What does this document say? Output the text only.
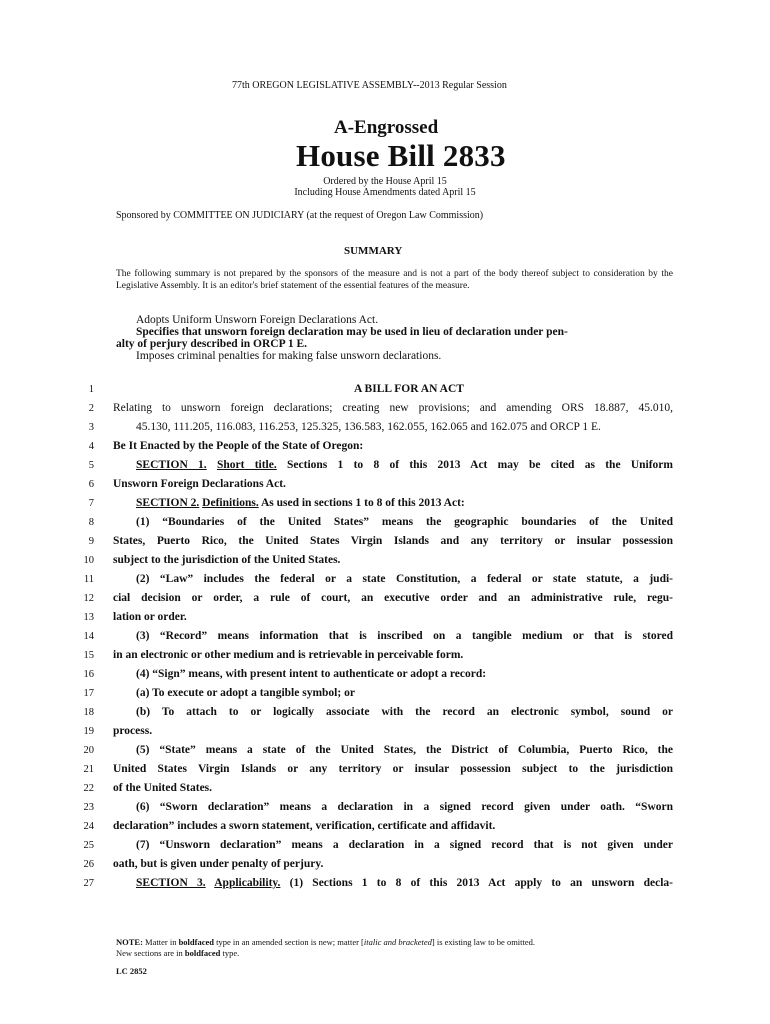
77th OREGON LEGISLATIVE ASSEMBLY--2013 Regular Session
A-Engrossed
House Bill 2833
Ordered by the House April 15
Including House Amendments dated April 15
Sponsored by COMMITTEE ON JUDICIARY (at the request of Oregon Law Commission)
SUMMARY
The following summary is not prepared by the sponsors of the measure and is not a part of the body thereof subject to consideration by the Legislative Assembly. It is an editor's brief statement of the essential features of the measure.
Adopts Uniform Unsworn Foreign Declarations Act.
Specifies that unsworn foreign declaration may be used in lieu of declaration under pen-
alty of perjury described in ORCP 1 E.
Imposes criminal penalties for making false unsworn declarations.
1	A BILL FOR AN ACT
2 Relating to unsworn foreign declarations; creating new provisions; and amending ORS 18.887, 45.010,
3	45.130, 111.205, 116.083, 116.253, 125.325, 136.583, 162.055, 162.065 and 162.075 and ORCP 1 E.
4 Be It Enacted by the People of the State of Oregon:
5	SECTION 1. Short title. Sections 1 to 8 of this 2013 Act may be cited as the Uniform
6 Unsworn Foreign Declarations Act.
7	SECTION 2. Definitions. As used in sections 1 to 8 of this 2013 Act:
8	(1) “Boundaries of the United States” means the geographic boundaries of the United
9 States, Puerto Rico, the United States Virgin Islands and any territory or insular possession
10 subject to the jurisdiction of the United States.
11	(2) “Law” includes the federal or a state Constitution, a federal or state statute, a judi-
12 cial decision or order, a rule of court, an executive order and an administrative rule, regu-
13 lation or order.
14	(3) “Record” means information that is inscribed on a tangible medium or that is stored
15 in an electronic or other medium and is retrievable in perceivable form.
16	(4) “Sign” means, with present intent to authenticate or adopt a record:
17	(a) To execute or adopt a tangible symbol; or
18	(b) To attach to or logically associate with the record an electronic symbol, sound or
19 process.
20	(5) “State” means a state of the United States, the District of Columbia, Puerto Rico, the
21 United States Virgin Islands or any territory or insular possession subject to the jurisdiction
22 of the United States.
23	(6) “Sworn declaration” means a declaration in a signed record given under oath. “Sworn
24 declaration” includes a sworn statement, verification, certificate and affidavit.
25	(7) “Unsworn declaration” means a declaration in a signed record that is not given under
26 oath, but is given under penalty of perjury.
27	SECTION 3. Applicability. (1) Sections 1 to 8 of this 2013 Act apply to an unsworn decla-
NOTE: Matter in boldfaced type in an amended section is new; matter [italic and bracketed] is existing law to be omitted.
New sections are in boldfaced type.
LC 2852
